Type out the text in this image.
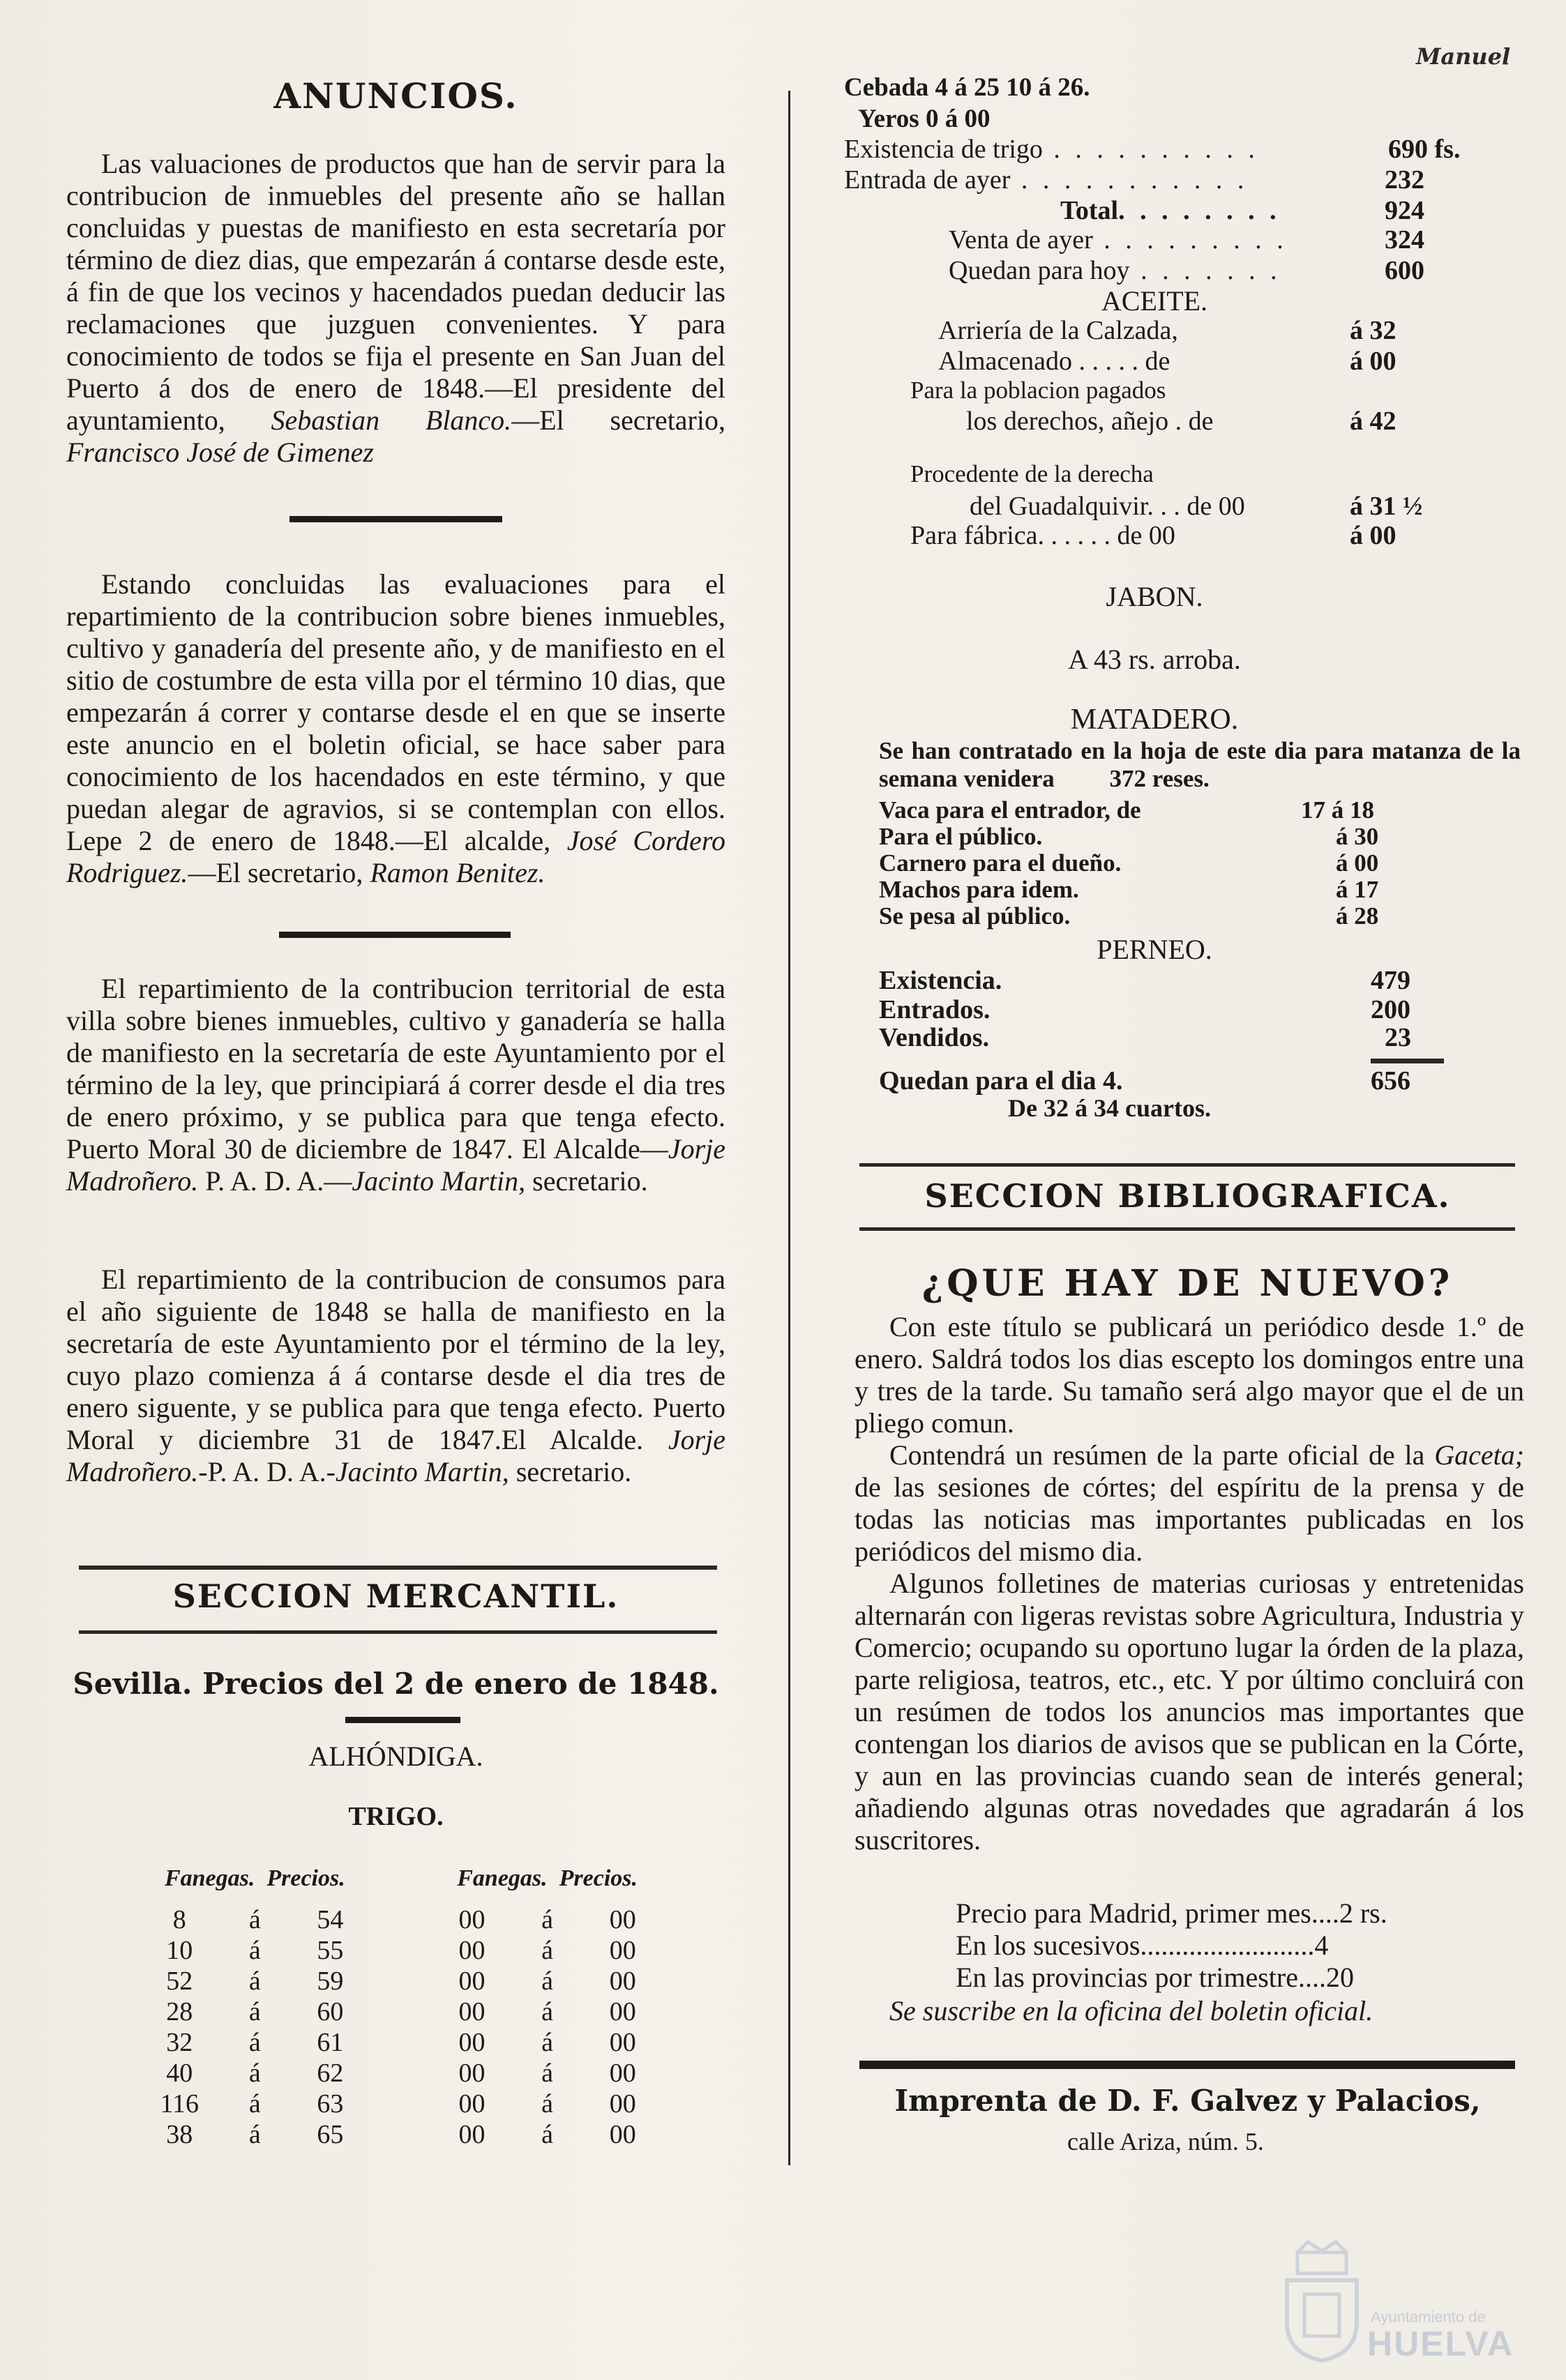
Manuel
ANUNCIOS.

Las valuaciones de productos que han de servir para la contribucion de inmuebles del presente año se hallan concluidas y puestas de manifiesto en esta secretaría por término de diez dias, que empezarán á contarse desde este, á fin de que los vecinos y hacendados puedan deducir las reclamaciones que juzguen convenientes. Y para conocimiento de todos se fija el presente en San Juan del Puerto á dos de enero de 1848.—El presidente del ayuntamiento, Sebastian Blanco.—El secretario, Francisco José de Gimenez

Estando concluidas las evaluaciones para el repartimiento de la contribucion sobre bienes inmuebles, cultivo y ganadería del presente año, y de manifiesto en el sitio de costumbre de esta villa por el término 10 dias, que empezarán á correr y contarse desde el en que se inserte este anuncio en el boletin oficial, se hace saber para conocimiento de los hacendados en este término, y que puedan alegar de agravios, si se contemplan con ellos. Lepe 2 de enero de 1848.—El alcalde, José Cordero Rodriguez.—El secretario, Ramon Benitez.

El repartimiento de la contribucion territorial de esta villa sobre bienes inmuebles, cultivo y ganadería se halla de manifiesto en la secretaría de este Ayuntamiento por el término de la ley, que principiará á correr desde el dia tres de enero próximo, y se publica para que tenga efecto. Puerto Moral 30 de diciembre de 1847. El Alcalde—Jorje Madroñero. P. A. D. A.—Jacinto Martin, secretario.

El repartimiento de la contribucion de consumos para el año siguiente de 1848 se halla de manifiesto en la secretaría de este Ayuntamiento por el término de la ley, cuyo plazo comienza á á contarse desde el dia tres de enero siguente, y se publica para que tenga efecto. Puerto Moral y diciembre 31 de 1847.El Alcalde. Jorje Madroñero.-P. A. D. A.-Jacinto Martin, secretario.

SECCION MERCANTIL.
Sevilla. Precios del 2 de enero de 1848.
ALHÓNDIGA.
TRIGO.
Fanegas. Precios.				Fanegas. Precios.		
8	á	54		00	á	00
10	á	55		00	á	00
52	á	59		00	á	00
28	á	60		00	á	00
32	á	61		00	á	00
40	á	62		00	á	00
116	á	63		00	á	00
38	á	65		00	á	00
Cebada 4 á 25 10 á 26.
Yeros 0 á 00
Existencia de trigo . . . . . . . . . .	690 fs.
Entrada de ayer . . . . . . . . . . .	232
Total. . . . . . . .	924
Venta de ayer . . . . . . . . .	324
Quedan para hoy . . . . . . .	600
ACEITE.
Arriería de la Calzada,	á 32
Almacenado . . . . . de	á 00
Para la poblacion pagados
los derechos, añejo . de	á 42
Procedente de la derecha
del Guadalquivir. . . de 00	á 31 ½
Para fábrica. . . . . . de 00	á 00
JABON.
A 43 rs. arroba.
MATADERO.
Se han contratado en la hoja de este dia para matanza de la semana venidera 372 reses.
Vaca para el entrador, de	17 á 18
Para el público.	á 30
Carnero para el dueño.	á 00
Machos para idem.	á 17
Se pesa al público.	á 28
PERNEO.
Existencia.	479
Entrados.	200
Vendidos.	23
Quedan para el dia 4.	656
De 32 á 34 cuartos.
SECCION BIBLIOGRAFICA.
¿QUE HAY DE NUEVO?

Con este título se publicará un periódico desde 1.º de enero. Saldrá todos los dias escepto los domingos entre una y tres de la tarde. Su tamaño será algo mayor que el de un pliego comun.

Contendrá un resúmen de la parte oficial de la Gaceta; de las sesiones de córtes; del espíritu de la prensa y de todas las noticias mas importantes publicadas en los periódicos del mismo dia.

Algunos folletines de materias curiosas y entretenidas alternarán con ligeras revistas sobre Agricultura, Industria y Comercio; ocupando su oportuno lugar la órden de la plaza, parte religiosa, teatros, etc., etc. Y por último concluirá con un resúmen de todos los anuncios mas importantes que contengan los diarios de avisos que se publican en la Córte, y aun en las provincias cuando sean de interés general; añadiendo algunas otras novedades que agradarán á los suscritores.

Precio para Madrid, primer mes....2 rs.
En los sucesivos.........................4
En las provincias por trimestre....20
Se suscribe en la oficina del boletin oficial.
Imprenta de D. F. Galvez y Palacios,
calle Ariza, núm. 5.
Ayuntamiento de
HUELVA
